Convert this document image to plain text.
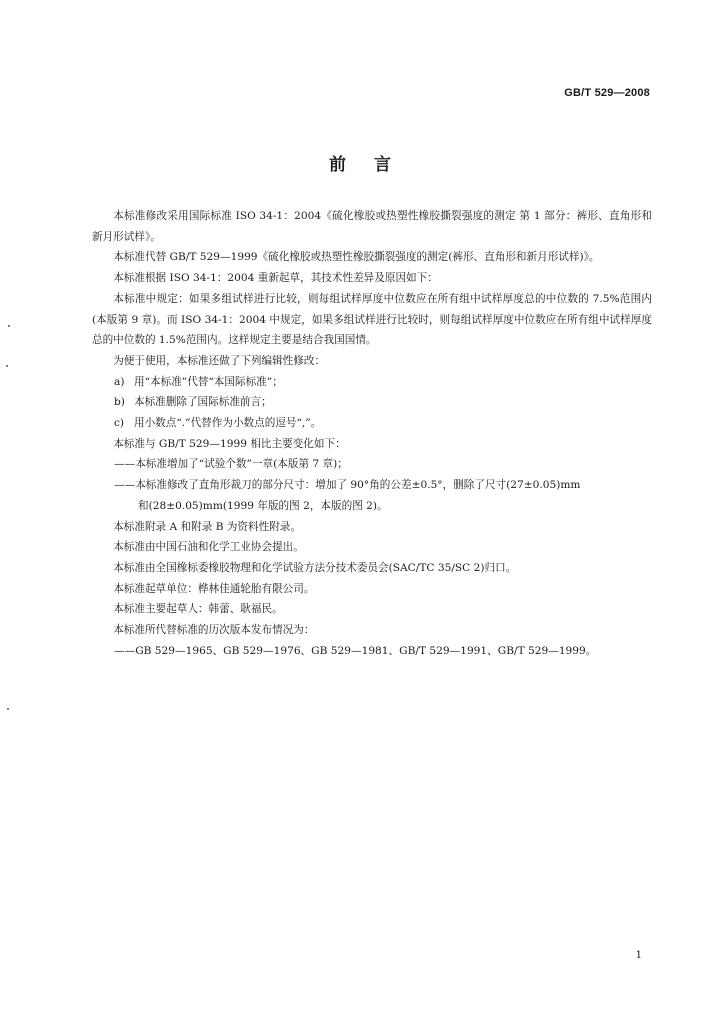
GB/T 529—2008
前言

本标准修改采用国际标准 ISO 34-1：2004《硫化橡胶或热塑性橡胶撕裂强度的测定 第 1 部分：裤形、直角形和新月形试样》。

本标准代替 GB/T 529—1999《硫化橡胶或热塑性橡胶撕裂强度的测定(裤形、直角形和新月形试样)》。

本标准根据 ISO 34-1：2004 重新起草，其技术性差异及原因如下：

本标准中规定：如果多组试样进行比较，则每组试样厚度中位数应在所有组中试样厚度总的中位数的 7.5%范围内(本版第 9 章)。而 ISO 34-1：2004 中规定，如果多组试样进行比较时，则每组试样厚度中位数应在所有组中试样厚度总的中位数的 1.5%范围内。这样规定主要是结合我国国情。

为便于使用，本标准还做了下列编辑性修改：

a) 用“本标准”代替“本国际标准”；

b) 本标准删除了国际标准前言；

c) 用小数点“.”代替作为小数点的逗号“,”。

本标准与 GB/T 529—1999 相比主要变化如下：

——本标准增加了“试验个数”一章(本版第 7 章)；

——本标准修改了直角形裁刀的部分尺寸：增加了 90°角的公差±0.5°，删除了尺寸(27±0.05)mm

和(28±0.05)mm(1999 年版的图 2，本版的图 2)。

本标准附录 A 和附录 B 为资料性附录。

本标准由中国石油和化学工业协会提出。

本标准由全国橡标委橡胶物理和化学试验方法分技术委员会(SAC/TC 35/SC 2)归口。

本标准起草单位：桦林佳通轮胎有限公司。

本标准主要起草人：韩蕾、耿福民。

本标准所代替标准的历次版本发布情况为：

——GB 529—1965、GB 529—1976、GB 529—1981、GB/T 529—1991、GB/T 529—1999。

1
